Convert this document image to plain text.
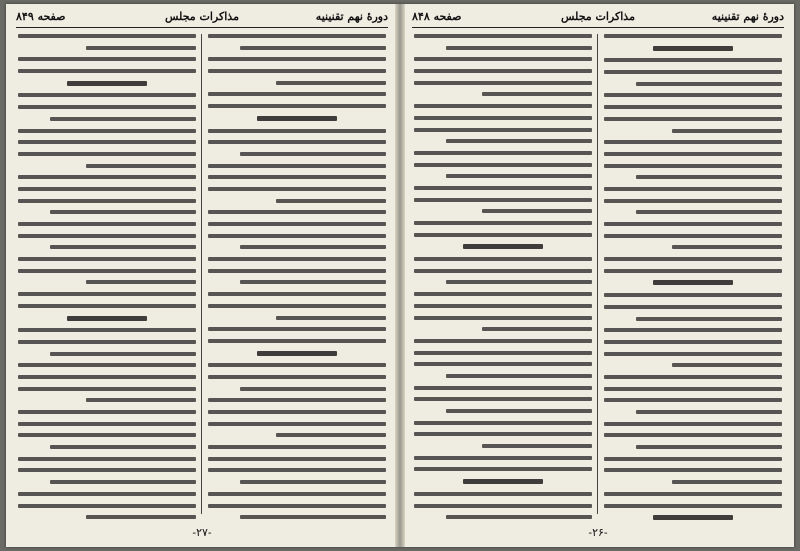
دورهٔ نهم تقنینیه
مذاکرات مجلس
صفحه ۸۴۹
-۲۷-
دورهٔ نهم تقنینیه
مذاکرات مجلس
صفحه ۸۴۸
-۲۶-
